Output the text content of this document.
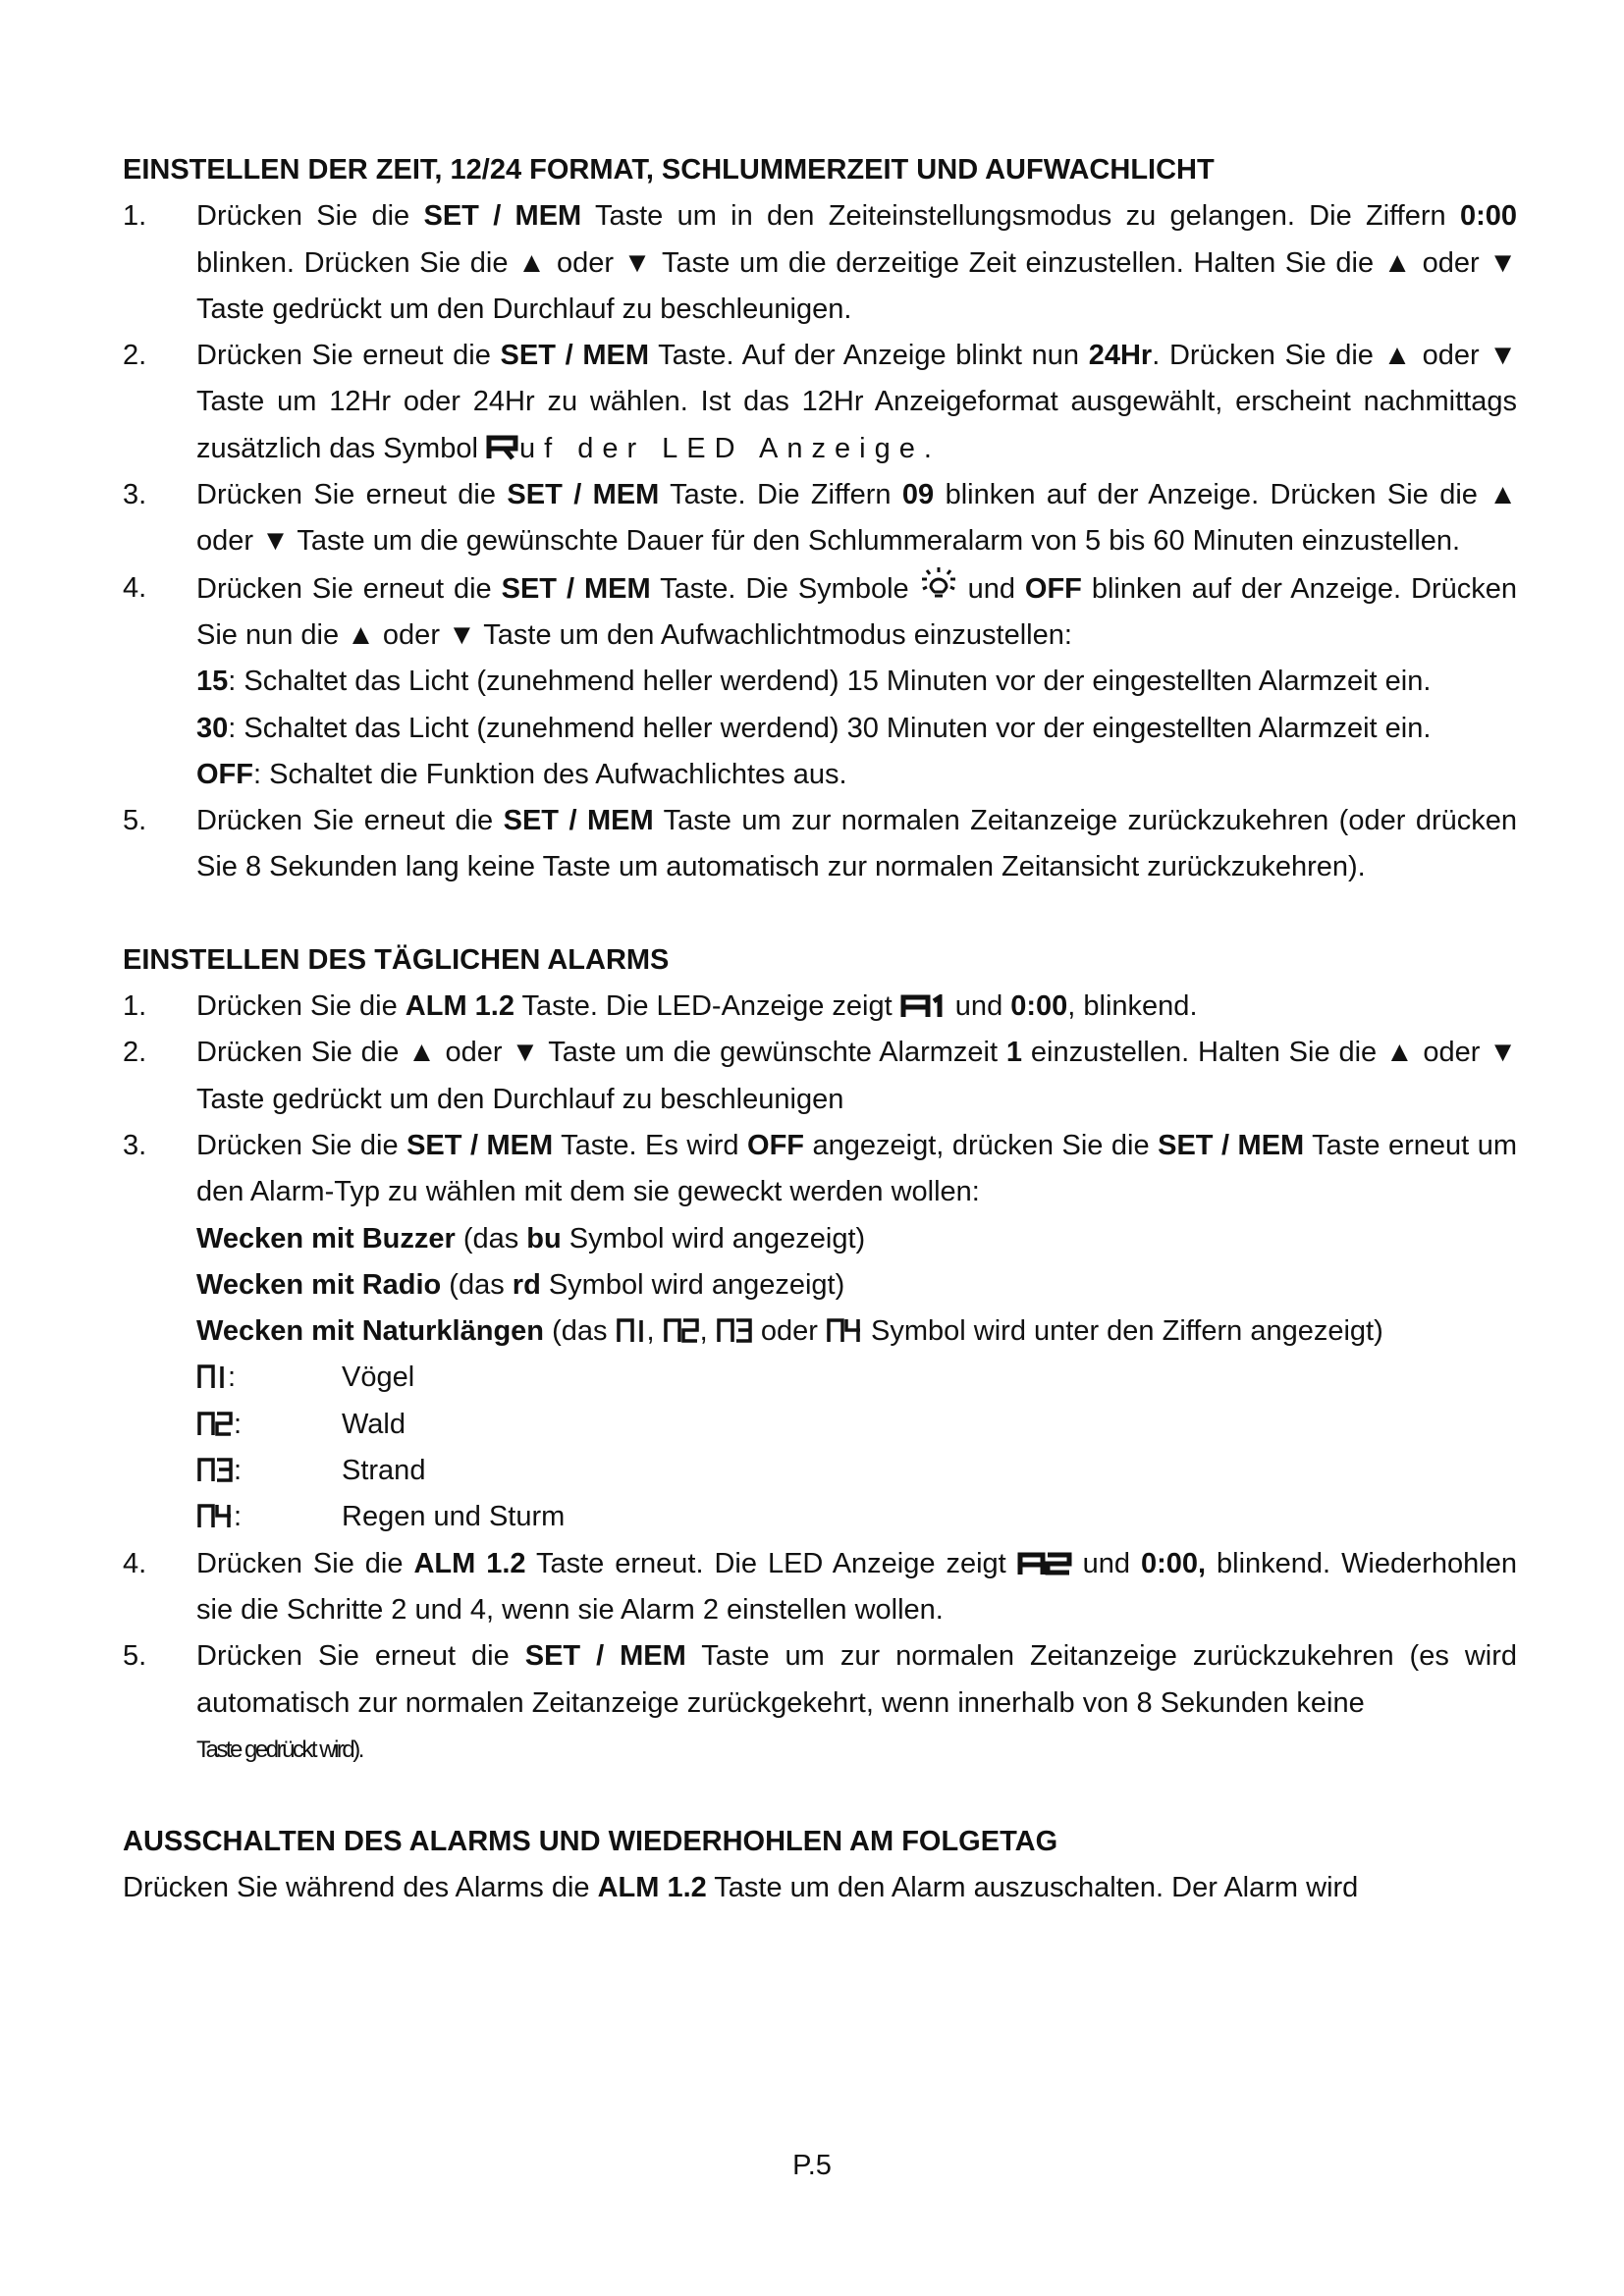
EINSTELLEN DER ZEIT, 12/24 FORMAT, SCHLUMMERZEIT UND AUFWACHLICHT
1.	Drücken Sie die SET / MEM Taste um in den Zeiteinstellungsmodus zu gelangen. Die Ziffern 0:00 blinken. Drücken Sie die ▲ oder ▼ Taste um die derzeitige Zeit einzustellen. Halten Sie die ▲ oder ▼ Taste gedrückt um den Durchlauf zu beschleunigen.
2.	Drücken Sie erneut die SET / MEM Taste. Auf der Anzeige blinkt nun 24Hr. Drücken Sie die ▲ oder ▼ Taste um 12Hr oder 24Hr zu wählen. Ist das 12Hr Anzeigeformat ausgewählt, erscheint nachmittags zusätzlich das Symbol
uf der LED Anzeige.
3.	Drücken Sie erneut die SET / MEM Taste. Die Ziffern 09 blinken auf der Anzeige. Drücken Sie die ▲ oder ▼ Taste um die gewünschte Dauer für den Schlummeralarm von 5 bis 60 Minuten einzustellen.
4.	Drücken Sie erneut die SET / MEM Taste. Die Symbole
und OFF blinken auf der Anzeige. Drücken Sie nun die ▲ oder ▼ Taste um den Aufwachlichtmodus einzustellen:
15: Schaltet das Licht (zunehmend heller werdend) 15 Minuten vor der eingestellten Alarmzeit ein.
30: Schaltet das Licht (zunehmend heller werdend) 30 Minuten vor der eingestellten Alarmzeit ein.
OFF: Schaltet die Funktion des Aufwachlichtes aus.
5.	Drücken Sie erneut die SET / MEM Taste um zur normalen Zeitanzeige zurückzukehren (oder drücken Sie 8 Sekunden lang keine Taste um automatisch zur normalen Zeitansicht zurückzukehren).
EINSTELLEN DES TÄGLICHEN ALARMS
1.	Drücken Sie die ALM 1.2 Taste. Die LED-Anzeige zeigt
und 0:00, blinkend.
2.	Drücken Sie die ▲ oder ▼ Taste um die gewünschte Alarmzeit 1 einzustellen. Halten Sie die ▲ oder ▼ Taste gedrückt um den Durchlauf zu beschleunigen
3.	Drücken Sie die SET / MEM Taste. Es wird OFF angezeigt, drücken Sie die SET / MEM Taste erneut um den Alarm-Typ zu wählen mit dem sie geweckt werden wollen:
Wecken mit Buzzer (das bu Symbol wird angezeigt)
Wecken mit Radio (das rd Symbol wird angezeigt)
Wecken mit Naturklängen (das
,
,
oder
Symbol wird unter den Ziffern angezeigt)
:	Vögel
:	Wald
:	Strand
:	Regen und Sturm
4.	Drücken Sie die ALM 1.2 Taste erneut. Die LED Anzeige zeigt
und 0:00, blinkend. Wiederhohlen sie die Schritte 2 und 4, wenn sie Alarm 2 einstellen wollen.
5.	Drücken Sie erneut die SET / MEM Taste um zur normalen Zeitanzeige zurückzukehren (es wird automatisch zur normalen Zeitanzeige zurückgekehrt, wenn innerhalb von 8 Sekunden keine
Taste gedrückt wird).
AUSSCHALTEN DES ALARMS UND WIEDERHOHLEN AM FOLGETAG
Drücken Sie während des Alarms die ALM 1.2 Taste um den Alarm auszuschalten. Der Alarm wird
P.5
